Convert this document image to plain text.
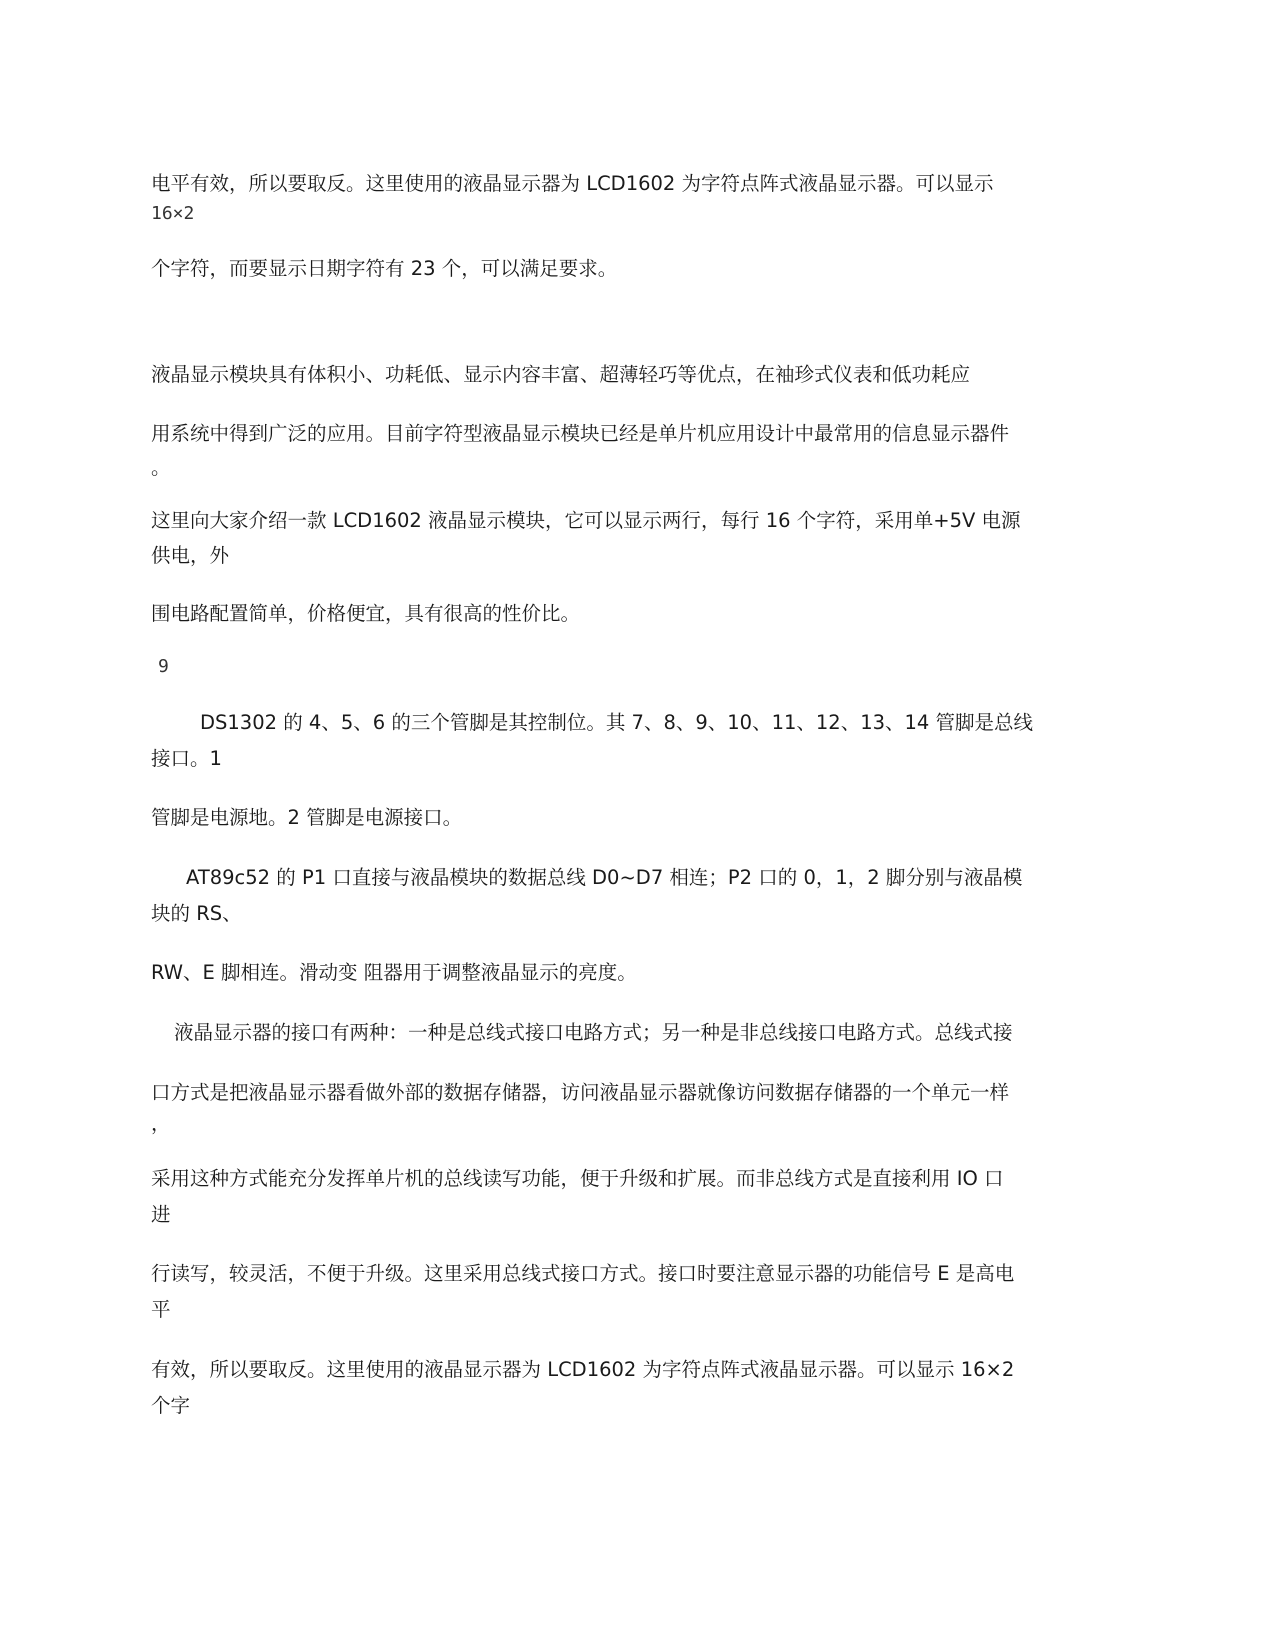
电平有效，所以要取反。这里使用的液晶显示器为 LCD1602 为字符点阵式液晶显示器。可以显示

16×2

个字符，而要显示日期字符有 23 个，可以满足要求。

液晶显示模块具有体积小、功耗低、显示内容丰富、超薄轻巧等优点，在袖珍式仪表和低功耗应

用系统中得到广泛的应用。目前字符型液晶显示模块已经是单片机应用设计中最常用的信息显示器件

。

这里向大家介绍一款 LCD1602 液晶显示模块，它可以显示两行，每行 16 个字符，采用单+5V 电源

供电，外

围电路配置简单，价格便宜，具有很高的性价比。

9

DS1302 的 4、5、6 的三个管脚是其控制位。其 7、8、9、10、11、12、13、14 管脚是总线

接口。1

管脚是电源地。2 管脚是电源接口。

AT89c52 的 P1 口直接与液晶模块的数据总线 D0~D7 相连；P2 口的 0，1，2 脚分别与液晶模

块的 RS、

RW、E 脚相连。滑动变 阻器用于调整液晶显示的亮度。

液晶显示器的接口有两种：一种是总线式接口电路方式；另一种是非总线接口电路方式。总线式接

口方式是把液晶显示器看做外部的数据存储器，访问液晶显示器就像访问数据存储器的一个单元一样

，

采用这种方式能充分发挥单片机的总线读写功能，便于升级和扩展。而非总线方式是直接利用 IO 口

进

行读写，较灵活，不便于升级。这里采用总线式接口方式。接口时要注意显示器的功能信号 E 是高电

平

有效，所以要取反。这里使用的液晶显示器为 LCD1602 为字符点阵式液晶显示器。可以显示 16×2

个字
